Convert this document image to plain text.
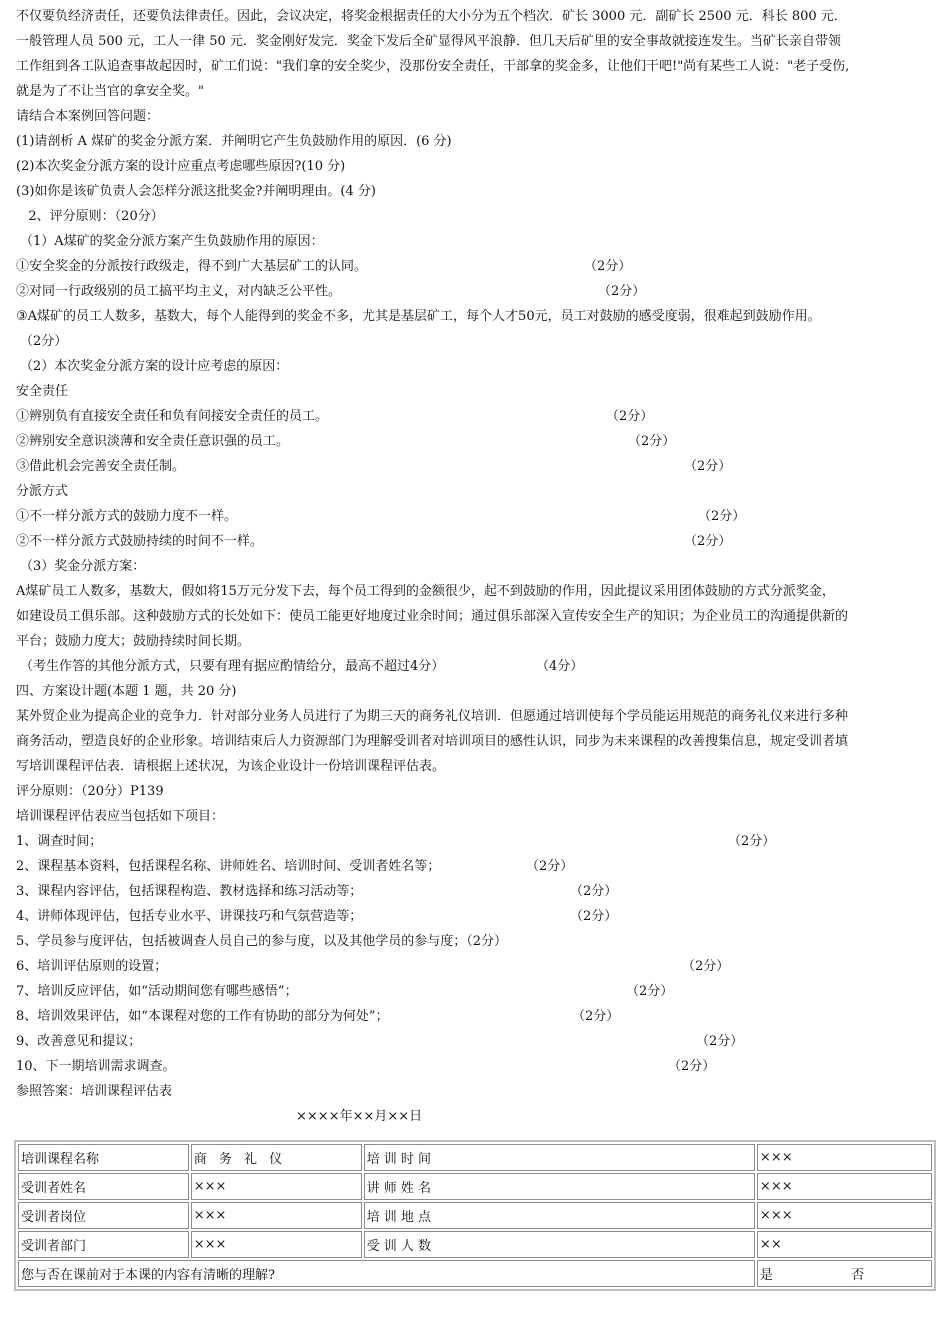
不仅要负经济责任，还要负法律责任。因此，会议决定，将奖金根据责任的大小分为五个档次．矿长 3000 元．副矿长 2500 元．科长 800 元．
一般管理人员 500 元，工人一律 50 元．奖金刚好发完．奖金下发后全矿显得风平浪静．但几天后矿里的安全事故就接连发生。当矿长亲自带领
工作组到各工队追查事故起因时，矿工们说："我们拿的安全奖少，没那份安全责任，干部拿的奖金多，让他们干吧!"尚有某些工人说："老子受伤,
就是为了不让当官的拿安全奖。"
请结合本案例回答问题：
(1)请剖析 A 煤矿的奖金分派方案．并阐明它产生负鼓励作用的原因．(6 分)
(2)本次奖金分派方案的设计应重点考虑哪些原因?(10 分)
(3)如你是该矿负责人会怎样分派这批奖金?并阐明理由。(4 分)
2、评分原则：（20分）
（1）A煤矿的奖金分派方案产生负鼓励作用的原因：
①安全奖金的分派按行政级走，得不到广大基层矿工的认同。	（2分）
②对同一行政级别的员工搞平均主义，对内缺乏公平性。	（2分）
③A煤矿的员工人数多，基数大，每个人能得到的奖金不多，尤其是基层矿工，每个人才50元，员工对鼓励的感受度弱，很难起到鼓励作用。
（2分）
（2）本次奖金分派方案的设计应考虑的原因：
安全责任
①辨别负有直接安全责任和负有间接安全责任的员工。	（2分）
②辨别安全意识淡薄和安全责任意识强的员工。	（2分）
③借此机会完善安全责任制。	（2分）
分派方式
①不一样分派方式的鼓励力度不一样。	（2分）
②不一样分派方式鼓励持续的时间不一样。	（2分）
（3）奖金分派方案：
A煤矿员工人数多，基数大，假如将15万元分发下去，每个员工得到的金额很少，起不到鼓励的作用，因此提议采用团体鼓励的方式分派奖金，
如建设员工俱乐部。这种鼓励方式的长处如下：使员工能更好地度过业余时间；通过俱乐部深入宣传安全生产的知识；为企业员工的沟通提供新的
平台；鼓励力度大；鼓励持续时间长期。
（考生作答的其他分派方式，只要有理有据应酌情给分，最高不超过4分）	（4分）
四、方案设计题(本题 1 题，共 20 分)
某外贸企业为提高企业的竞争力．针对部分业务人员进行了为期三天的商务礼仪培训．但愿通过培训使每个学员能运用规范的商务礼仪来进行多种
商务活动，塑造良好的企业形象。培训结束后人力资源部门为理解受训者对培训项目的感性认识，同步为未来课程的改善搜集信息，规定受训者填
写培训课程评估表．请根据上述状况，为该企业设计一份培训课程评估表。
评分原则：（20分）P139
培训课程评估表应当包括如下项目：
1、调查时间；	（2分）
2、课程基本资料，包括课程名称、讲师姓名、培训时间、受训者姓名等；	（2分）
3、课程内容评估，包括课程构造、教材选择和练习活动等；	（2分）
4、讲师体现评估，包括专业水平、讲课技巧和气氛营造等；	（2分）
5、学员参与度评估，包括被调查人员自己的参与度，以及其他学员的参与度；（2分）
6、培训评估原则的设置；	（2分）
7、培训反应评估，如“活动期间您有哪些感悟”；	（2分）
8、培训效果评估，如“本课程对您的工作有协助的部分为何处”；	（2分）
9、改善意见和提议；	（2分）
10、下一期培训需求调查。	（2分）
参照答案：培训课程评估表
××××年××月××日
培训课程名称	商 务 礼 仪	培 训 时 间	×××
受训者姓名	×××	讲 师 姓 名	×××
受训者岗位	×××	培 训 地 点	×××
受训者部门	×××	受 训 人 数	××
您与否在课前对于本课的内容有清晰的理解?			是 否
